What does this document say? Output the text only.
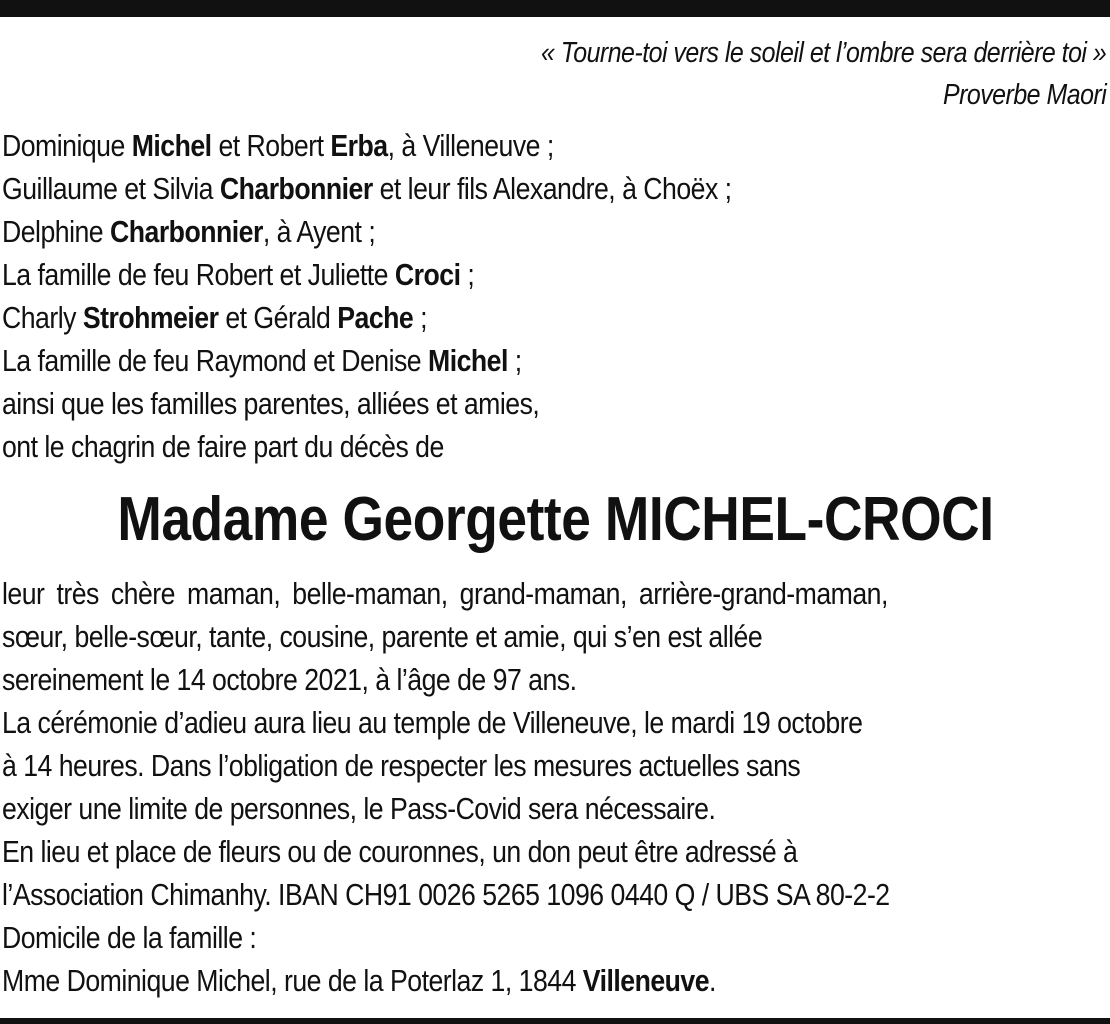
« Tourne-toi vers le soleil et l’ombre sera derrière toi »
Proverbe Maori
Dominique Michel et Robert Erba, à Villeneuve ;
Guillaume et Silvia Charbonnier et leur fils Alexandre, à Choëx ;
Delphine Charbonnier, à Ayent ;
La famille de feu Robert et Juliette Croci ;
Charly Strohmeier et Gérald Pache ;
La famille de feu Raymond et Denise Michel ;
ainsi que les familles parentes, alliées et amies,
ont le chagrin de faire part du décès de
Madame Georgette MICHEL-CROCI
leur très chère maman, belle-maman, grand-maman, arrière-grand-maman,
sœur, belle-sœur, tante, cousine, parente et amie, qui s’en est allée
sereinement le 14 octobre 2021, à l’âge de 97 ans.
La cérémonie d’adieu aura lieu au temple de Villeneuve, le mardi 19 octobre
à 14 heures. Dans l’obligation de respecter les mesures actuelles sans
exiger une limite de personnes, le Pass-Covid sera nécessaire.
En lieu et place de fleurs ou de couronnes, un don peut être adressé à
l’Association Chimanhy. IBAN CH91 0026 5265 1096 0440 Q / UBS SA 80-2-2
Domicile de la famille :
Mme Dominique Michel, rue de la Poterlaz 1, 1844 Villeneuve.
